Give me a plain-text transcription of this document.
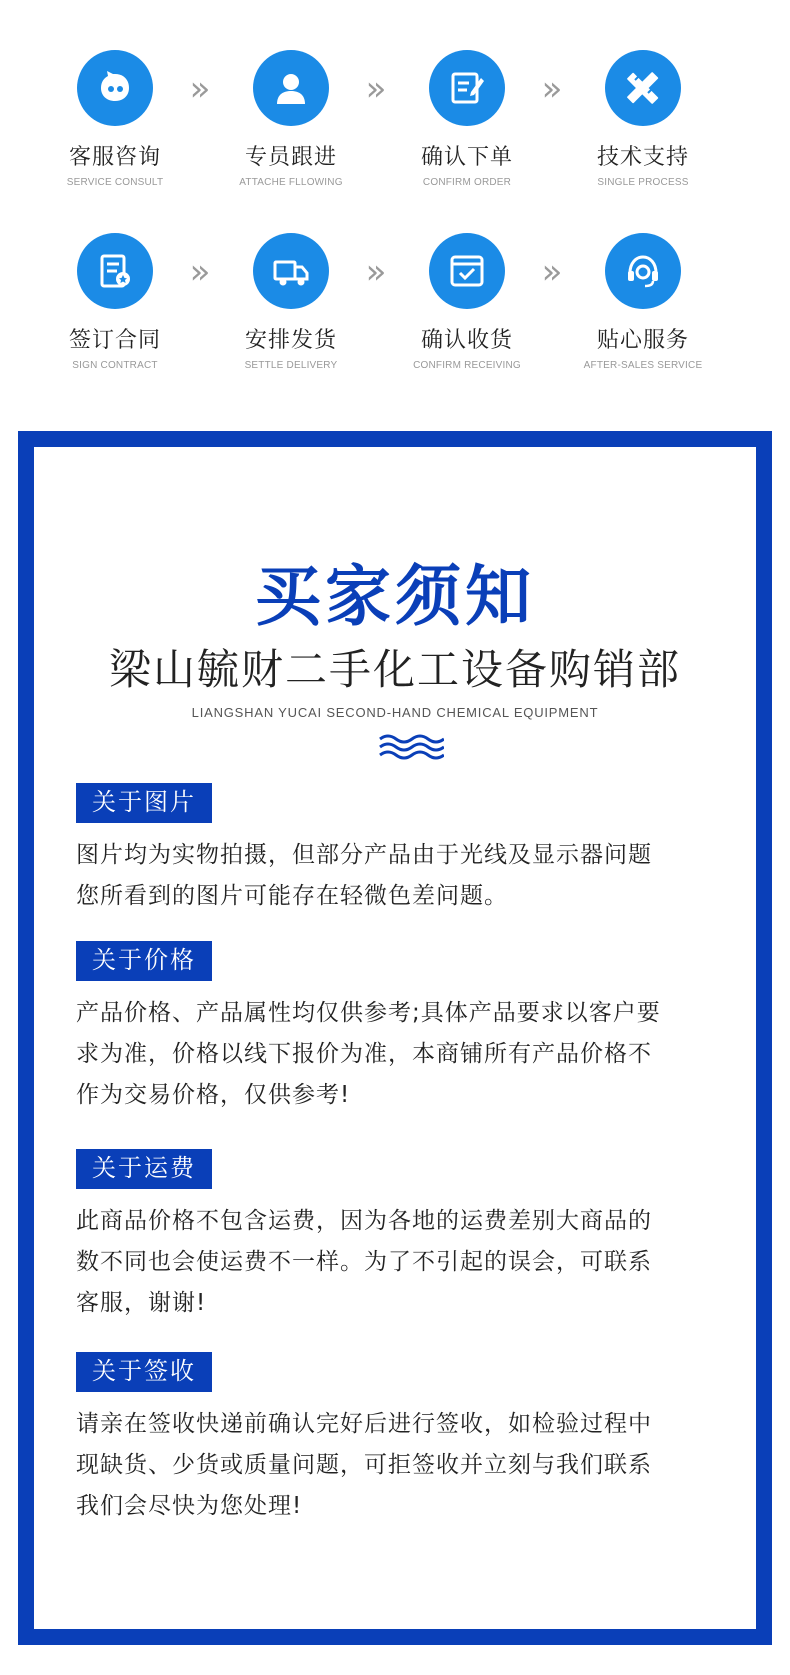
客服咨询
SERVICE CONSULT
»
专员跟进
ATTACHE FLLOWING
»
确认下单
CONFIRM ORDER
»
技术支持
SINGLE PROCESS
签订合同
SIGN CONTRACT
»
安排发货
SETTLE DELIVERY
»
确认收货
CONFIRM RECEIVING
»
贴心服务
AFTER-SALES SERVICE
买家须知
梁山毓财二手化工设备购销部
LIANGSHAN YUCAI SECOND-HAND CHEMICAL EQUIPMENT
关于图片
图片均为实物拍摄，但部分产品由于光线及显示器问题
您所看到的图片可能存在轻微色差问题。
关于价格
产品价格、产品属性均仅供参考;具体产品要求以客户要
求为准，价格以线下报价为准，本商铺所有产品价格不
作为交易价格，仅供参考!
关于运费
此商品价格不包含运费，因为各地的运费差别大商品的
数不同也会使运费不一样。为了不引起的误会，可联系
客服，谢谢!
关于签收
请亲在签收快递前确认完好后进行签收，如检验过程中
现缺货、少货或质量问题，可拒签收并立刻与我们联系
我们会尽快为您处理!
